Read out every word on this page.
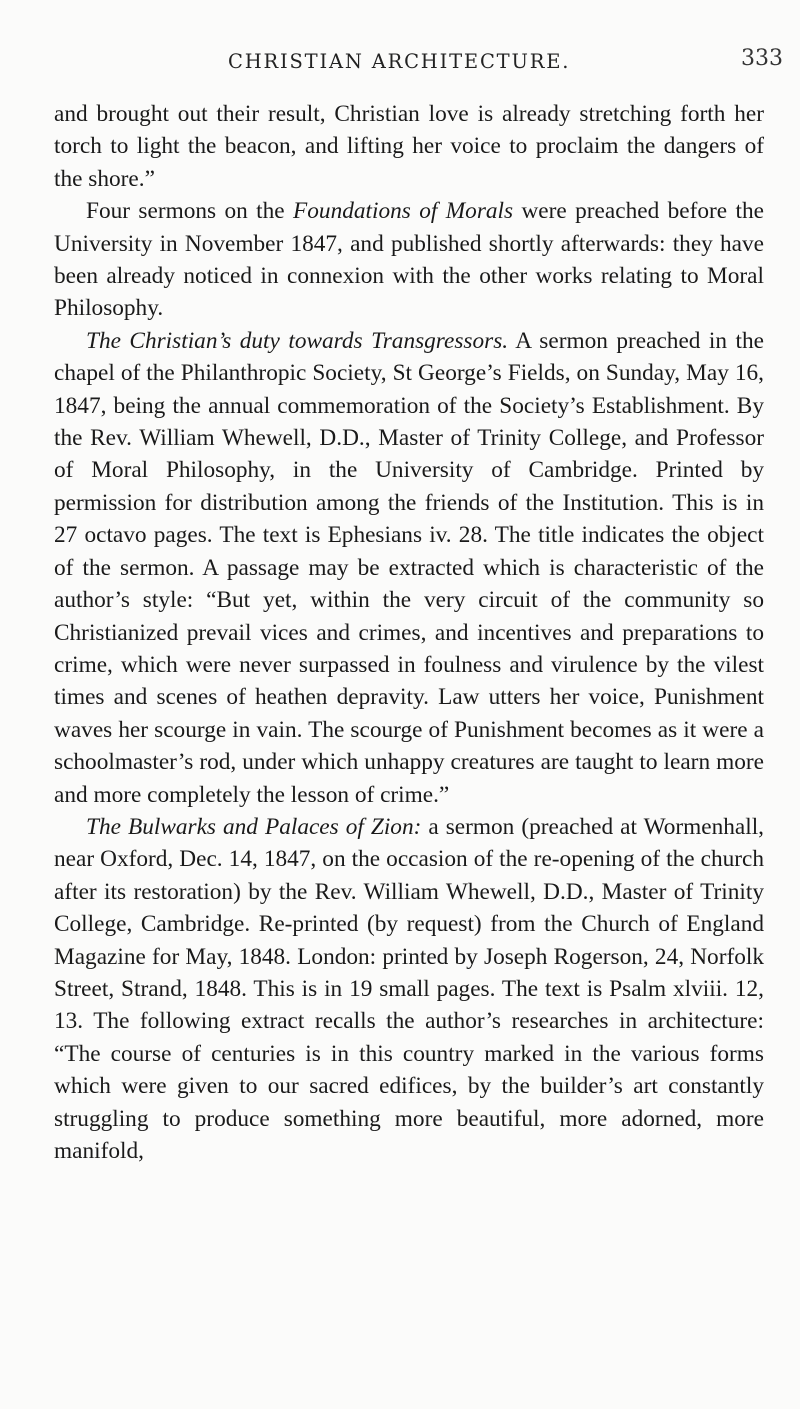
CHRISTIAN ARCHITECTURE.	333

and brought out their result, Christian love is already stretching forth her torch to light the beacon, and lifting her voice to proclaim the dangers of the shore.”

Four sermons on the Foundations of Morals were preached before the University in November 1847, and published shortly afterwards: they have been already noticed in connexion with the other works relating to Moral Philosophy.

The Christian’s duty towards Transgressors. A sermon preached in the chapel of the Philanthropic Society, St George’s Fields, on Sunday, May 16, 1847, being the annual commemoration of the Society’s Establishment. By the Rev. William Whewell, D.D., Master of Trinity College, and Professor of Moral Philosophy, in the University of Cambridge. Printed by permission for distribution among the friends of the Institution. This is in 27 octavo pages. The text is Ephesians iv. 28. The title indicates the object of the sermon. A passage may be extracted which is characteristic of the author’s style: “But yet, within the very circuit of the community so Christianized prevail vices and crimes, and incentives and preparations to crime, which were never surpassed in foulness and virulence by the vilest times and scenes of heathen depravity. Law utters her voice, Punishment waves her scourge in vain. The scourge of Punishment becomes as it were a schoolmaster’s rod, under which unhappy creatures are taught to learn more and more completely the lesson of crime.”

The Bulwarks and Palaces of Zion: a sermon (preached at Wormenhall, near Oxford, Dec. 14, 1847, on the occasion of the re-opening of the church after its restoration) by the Rev. William Whewell, D.D., Master of Trinity College, Cambridge. Re-printed (by request) from the Church of England Magazine for May, 1848. London: printed by Joseph Rogerson, 24, Norfolk Street, Strand, 1848. This is in 19 small pages. The text is Psalm xlviii. 12, 13. The following extract recalls the author’s researches in architecture: “The course of centuries is in this country marked in the various forms which were given to our sacred edifices, by the builder’s art constantly struggling to produce something more beautiful, more adorned, more manifold,
